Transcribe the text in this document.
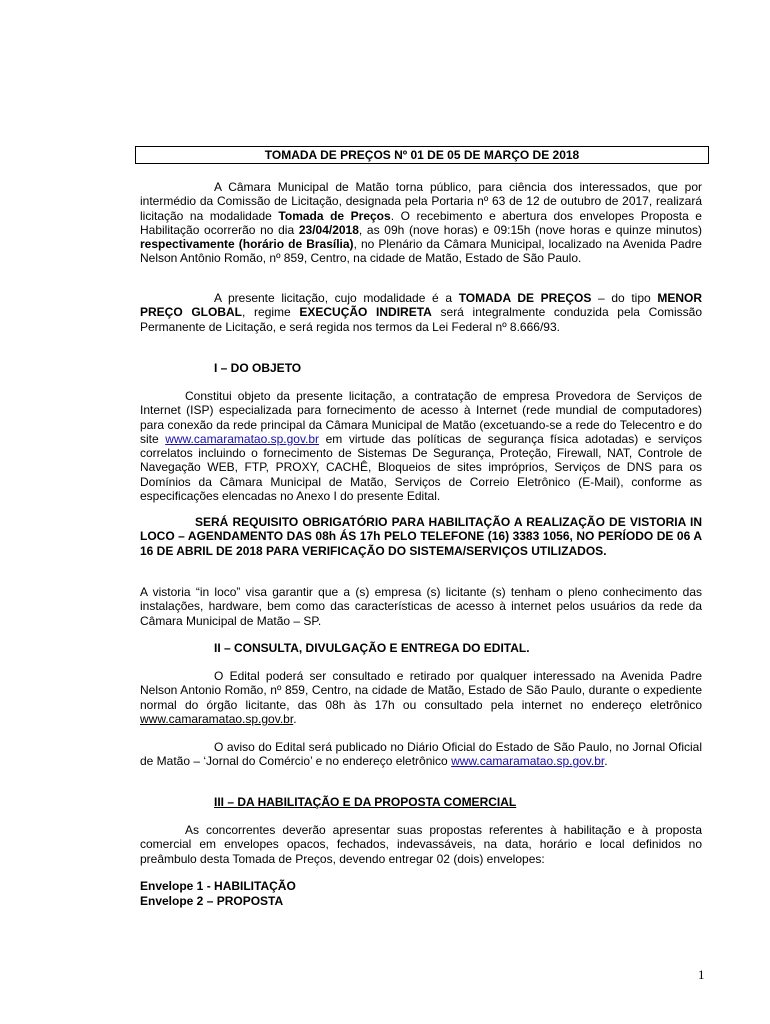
TOMADA DE PREÇOS Nº 01 DE 05 DE MARÇO DE 2018

A Câmara Municipal de Matão torna público, para ciência dos interessados, que por intermédio da Comissão de Licitação, designada pela Portaria nº 63 de 12 de outubro de 2017, realizará licitação na modalidade Tomada de Preços. O recebimento e abertura dos envelopes Proposta e Habilitação ocorrerão no dia 23/04/2018, as 09h (nove horas) e 09:15h (nove horas e quinze minutos) respectivamente (horário de Brasília), no Plenário da Câmara Municipal, localizado na Avenida Padre Nelson Antônio Romão, nº 859, Centro, na cidade de Matão, Estado de São Paulo.

A presente licitação, cujo modalidade é a TOMADA DE PREÇOS – do tipo MENOR PREÇO GLOBAL, regime EXECUÇÃO INDIRETA será integralmente conduzida pela Comissão Permanente de Licitação, e será regida nos termos da Lei Federal nº 8.666/93.

I – DO OBJETO

Constitui objeto da presente licitação, a contratação de empresa Provedora de Serviços de Internet (ISP) especializada para fornecimento de acesso à Internet (rede mundial de computadores) para conexão da rede principal da Câmara Municipal de Matão (excetuando-se a rede do Telecentro e do site www.camaramatao.sp.gov.br em virtude das políticas de segurança física adotadas) e serviços correlatos incluindo o fornecimento de Sistemas De Segurança, Proteção, Firewall, NAT, Controle de Navegação WEB, FTP, PROXY, CACHÊ, Bloqueios de sites impróprios, Serviços de DNS para os Domínios da Câmara Municipal de Matão, Serviços de Correio Eletrônico (E-Mail), conforme as especificações elencadas no Anexo I do presente Edital.

SERÁ REQUISITO OBRIGATÓRIO PARA HABILITAÇÃO A REALIZAÇÃO DE VISTORIA IN LOCO – AGENDAMENTO DAS 08h ÁS 17h PELO TELEFONE (16) 3383 1056, NO PERÍODO DE 06 A 16 DE ABRIL DE 2018 PARA VERIFICAÇÃO DO SISTEMA/SERVIÇOS UTILIZADOS.

A vistoria “in loco” visa garantir que a (s) empresa (s) licitante (s) tenham o pleno conhecimento das instalações, hardware, bem como das características de acesso à internet pelos usuários da rede da Câmara Municipal de Matão – SP.

II – CONSULTA, DIVULGAÇÃO E ENTREGA DO EDITAL.

O Edital poderá ser consultado e retirado por qualquer interessado na Avenida Padre Nelson Antonio Romão, nº 859, Centro, na cidade de Matão, Estado de São Paulo, durante o expediente normal do órgão licitante, das 08h às 17h ou consultado pela internet no endereço eletrônico www.camaramatao.sp.gov.br.

O aviso do Edital será publicado no Diário Oficial do Estado de São Paulo, no Jornal Oficial de Matão – ‘Jornal do Comércio’ e no endereço eletrônico www.camaramatao.sp.gov.br.

III – DA HABILITAÇÃO E DA PROPOSTA COMERCIAL

As concorrentes deverão apresentar suas propostas referentes à habilitação e à proposta comercial em envelopes opacos, fechados, indevassáveis, na data, horário e local definidos no preâmbulo desta Tomada de Preços, devendo entregar 02 (dois) envelopes:

Envelope 1 - HABILITAÇÃO
Envelope 2 – PROPOSTA
1
